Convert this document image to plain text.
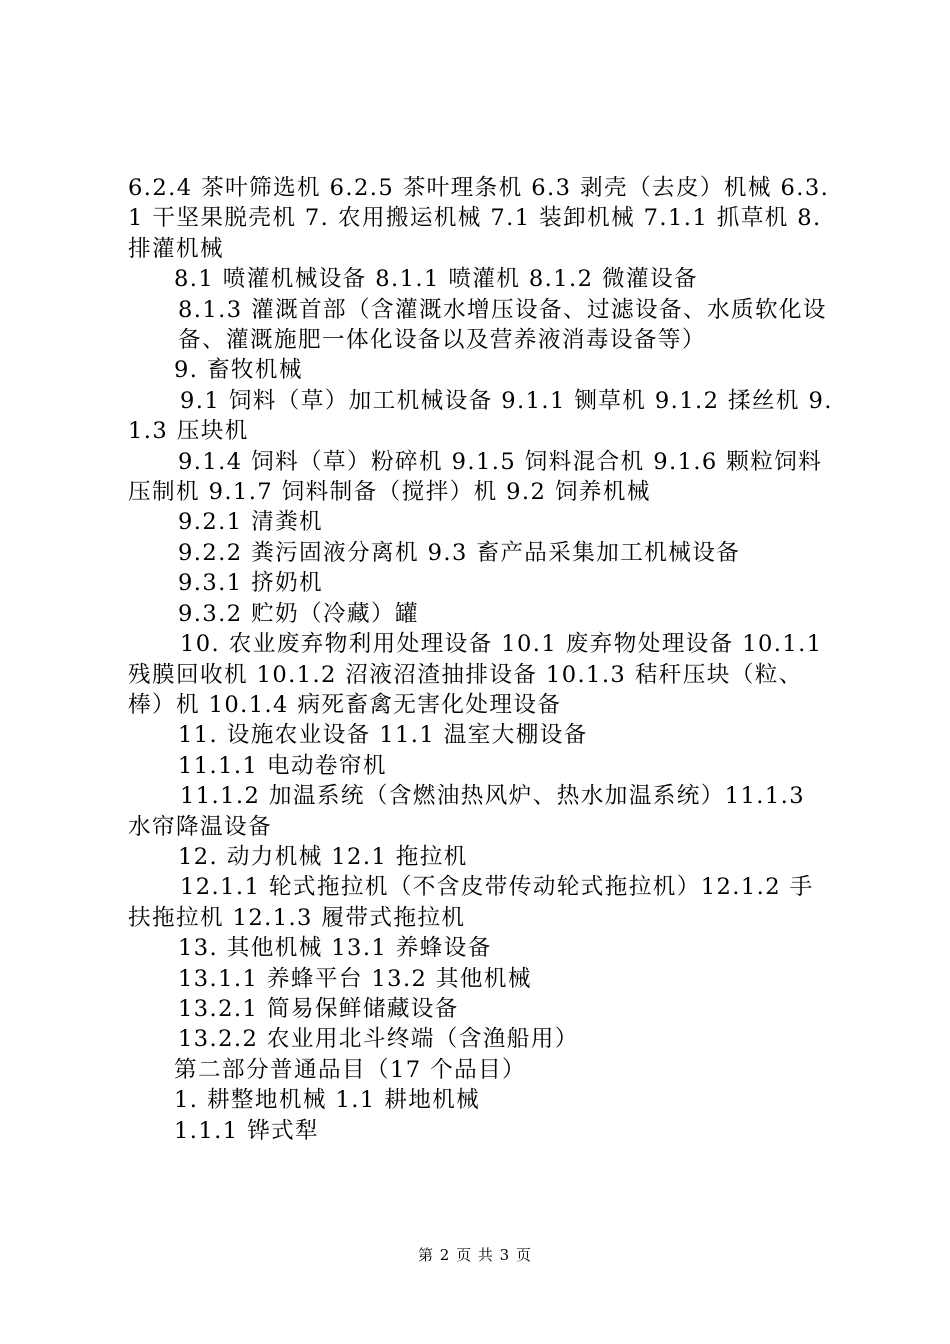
6.2.4 茶叶筛选机 6.2.5 茶叶理条机 6.3 剥壳（去皮）机械 6.3.1 干坚果脱壳机 7. 农用搬运机械 7.1 装卸机械 7.1.1 抓草机 8. 排灌机械

8.1 喷灌机械设备 8.1.1 喷灌机 8.1.2 微灌设备

8.1.3 灌溉首部（含灌溉水增压设备、过滤设备、水质软化设

备、灌溉施肥一体化设备以及营养液消毒设备等）

9. 畜牧机械

9.1 饲料（草）加工机械设备 9.1.1 铡草机 9.1.2 揉丝机 9.1.3 压块机

9.1.4 饲料（草）粉碎机 9.1.5 饲料混合机 9.1.6 颗粒饲料压制机 9.1.7 饲料制备（搅拌）机 9.2 饲养机械

9.2.1 清粪机

9.2.2 粪污固液分离机 9.3 畜产品采集加工机械设备

9.3.1 挤奶机

9.3.2 贮奶（冷藏）罐

10. 农业废弃物利用处理设备 10.1 废弃物处理设备 10.1.1 残膜回收机 10.1.2 沼液沼渣抽排设备 10.1.3 秸秆压块（粒、棒）机 10.1.4 病死畜禽无害化处理设备

11. 设施农业设备 11.1 温室大棚设备

11.1.1 电动卷帘机

11.1.2 加温系统（含燃油热风炉、热水加温系统）11.1.3 水帘降温设备

12. 动力机械 12.1 拖拉机

12.1.1 轮式拖拉机（不含皮带传动轮式拖拉机）12.1.2 手扶拖拉机 12.1.3 履带式拖拉机

13. 其他机械 13.1 养蜂设备

13.1.1 养蜂平台 13.2 其他机械

13.2.1 简易保鲜储藏设备

13.2.2 农业用北斗终端（含渔船用）

第二部分普通品目（17 个品目）

1. 耕整地机械 1.1 耕地机械

1.1.1 铧式犁

第 2 页 共 3 页
